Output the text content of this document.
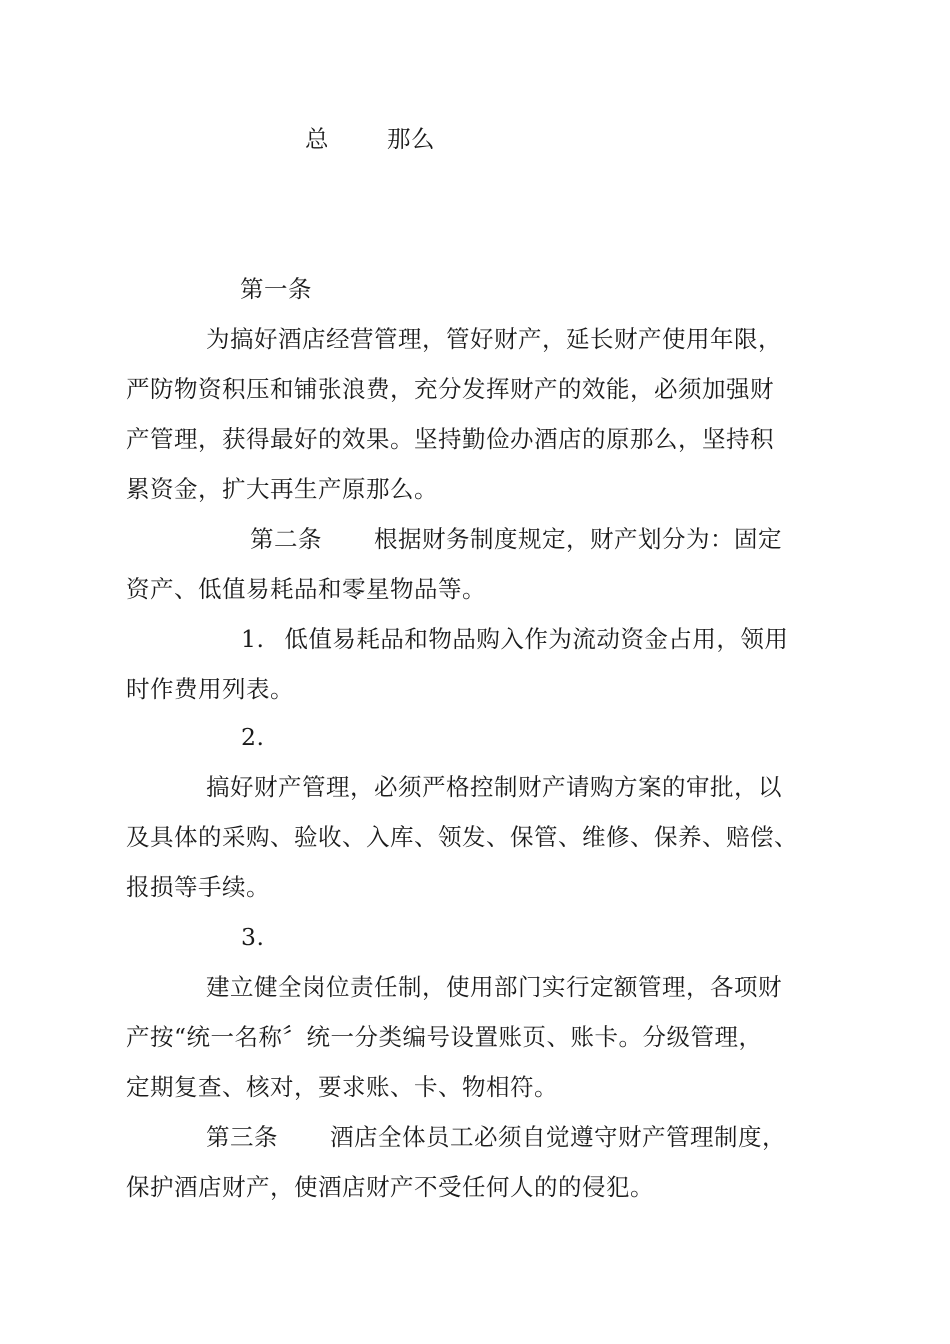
总 那么
第一条
为搞好酒店经营管理，管好财产，延长财产使用年限，
严防物资积压和铺张浪费，充分发挥财产的效能，必须加强财
产管理，获得最好的效果。坚持勤俭办酒店的原那么，坚持积
累资金，扩大再生产原那么。
第二条 根据财务制度规定，财产划分为：固定
资产、低值易耗品和零星物品等。
1. 低值易耗品和物品购入作为流动资金占用，领用
时作费用列表。
2.
搞好财产管理，必须严格控制财产请购方案的审批，以
及具体的采购、验收、入库、领发、保管、维修、保养、赔偿、
报损等手续。
3.
建立健全岗位责任制，使用部门实行定额管理，各项财
产按“统一名称〞统一分类编号设置账页、账卡。分级管理，
定期复查、核对，要求账、卡、物相符。
第三条 酒店全体员工必须自觉遵守财产管理制度，
保护酒店财产，使酒店财产不受任何人的的侵犯。
